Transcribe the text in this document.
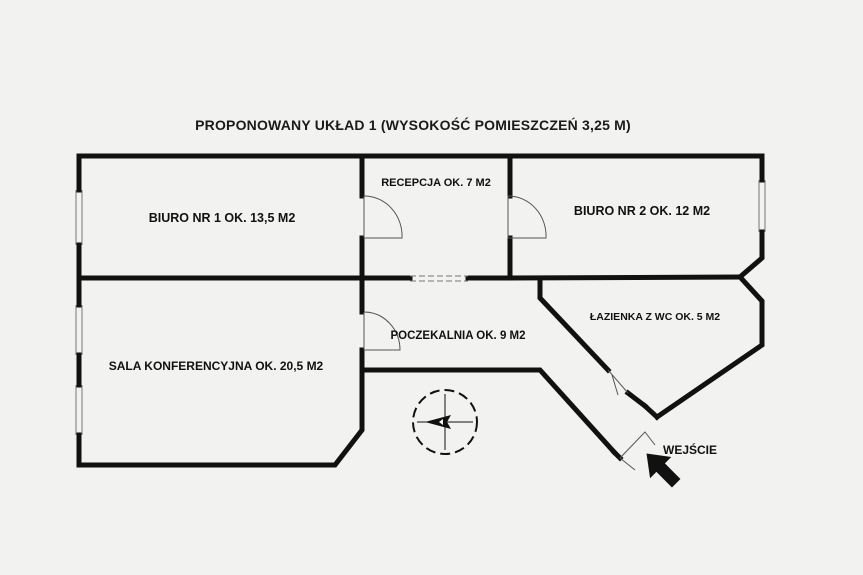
PROPONOWANY UKŁAD 1 (WYSOKOŚĆ POMIESZCZEŃ 3,25 M)
BIURO NR 1 OK. 13,5 M2
RECEPCJA OK. 7 M2
BIURO NR 2 OK. 12 M2
ŁAZIENKA Z WC OK. 5 M2
POCZEKALNIA OK. 9 M2
SALA KONFERENCYJNA OK. 20,5 M2
WEJŚCIE
